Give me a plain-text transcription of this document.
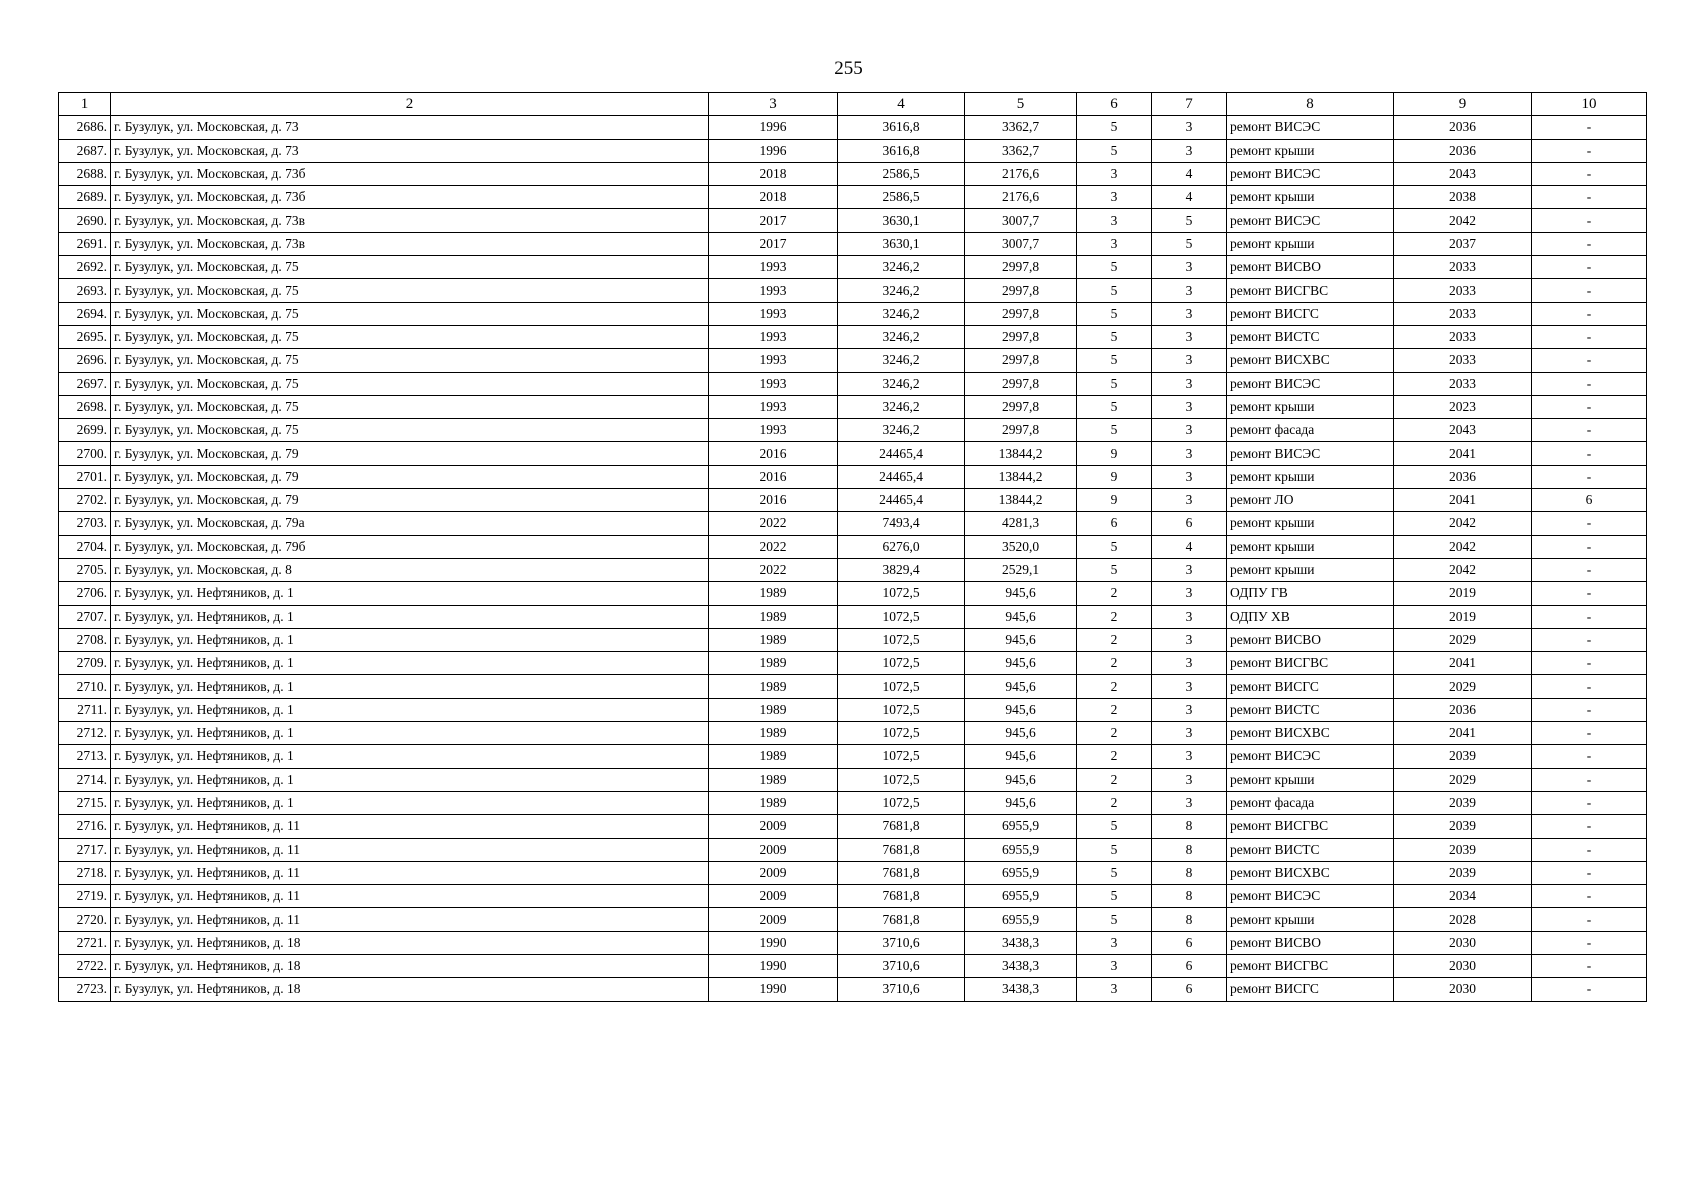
255
1	2	3	4	5	6	7	8	9	10
2686.	г. Бузулук, ул. Московская, д. 73	1996	3616,8	3362,7	5	3	ремонт ВИСЭС	2036	-
2687.	г. Бузулук, ул. Московская, д. 73	1996	3616,8	3362,7	5	3	ремонт крыши	2036	-
2688.	г. Бузулук, ул. Московская, д. 73б	2018	2586,5	2176,6	3	4	ремонт ВИСЭС	2043	-
2689.	г. Бузулук, ул. Московская, д. 73б	2018	2586,5	2176,6	3	4	ремонт крыши	2038	-
2690.	г. Бузулук, ул. Московская, д. 73в	2017	3630,1	3007,7	3	5	ремонт ВИСЭС	2042	-
2691.	г. Бузулук, ул. Московская, д. 73в	2017	3630,1	3007,7	3	5	ремонт крыши	2037	-
2692.	г. Бузулук, ул. Московская, д. 75	1993	3246,2	2997,8	5	3	ремонт ВИСВО	2033	-
2693.	г. Бузулук, ул. Московская, д. 75	1993	3246,2	2997,8	5	3	ремонт ВИСГВС	2033	-
2694.	г. Бузулук, ул. Московская, д. 75	1993	3246,2	2997,8	5	3	ремонт ВИСГС	2033	-
2695.	г. Бузулук, ул. Московская, д. 75	1993	3246,2	2997,8	5	3	ремонт ВИСТС	2033	-
2696.	г. Бузулук, ул. Московская, д. 75	1993	3246,2	2997,8	5	3	ремонт ВИСХВС	2033	-
2697.	г. Бузулук, ул. Московская, д. 75	1993	3246,2	2997,8	5	3	ремонт ВИСЭС	2033	-
2698.	г. Бузулук, ул. Московская, д. 75	1993	3246,2	2997,8	5	3	ремонт крыши	2023	-
2699.	г. Бузулук, ул. Московская, д. 75	1993	3246,2	2997,8	5	3	ремонт фасада	2043	-
2700.	г. Бузулук, ул. Московская, д. 79	2016	24465,4	13844,2	9	3	ремонт ВИСЭС	2041	-
2701.	г. Бузулук, ул. Московская, д. 79	2016	24465,4	13844,2	9	3	ремонт крыши	2036	-
2702.	г. Бузулук, ул. Московская, д. 79	2016	24465,4	13844,2	9	3	ремонт ЛО	2041	6
2703.	г. Бузулук, ул. Московская, д. 79а	2022	7493,4	4281,3	6	6	ремонт крыши	2042	-
2704.	г. Бузулук, ул. Московская, д. 79б	2022	6276,0	3520,0	5	4	ремонт крыши	2042	-
2705.	г. Бузулук, ул. Московская, д. 8	2022	3829,4	2529,1	5	3	ремонт крыши	2042	-
2706.	г. Бузулук, ул. Нефтяников, д. 1	1989	1072,5	945,6	2	3	ОДПУ ГВ	2019	-
2707.	г. Бузулук, ул. Нефтяников, д. 1	1989	1072,5	945,6	2	3	ОДПУ ХВ	2019	-
2708.	г. Бузулук, ул. Нефтяников, д. 1	1989	1072,5	945,6	2	3	ремонт ВИСВО	2029	-
2709.	г. Бузулук, ул. Нефтяников, д. 1	1989	1072,5	945,6	2	3	ремонт ВИСГВС	2041	-
2710.	г. Бузулук, ул. Нефтяников, д. 1	1989	1072,5	945,6	2	3	ремонт ВИСГС	2029	-
2711.	г. Бузулук, ул. Нефтяников, д. 1	1989	1072,5	945,6	2	3	ремонт ВИСТС	2036	-
2712.	г. Бузулук, ул. Нефтяников, д. 1	1989	1072,5	945,6	2	3	ремонт ВИСХВС	2041	-
2713.	г. Бузулук, ул. Нефтяников, д. 1	1989	1072,5	945,6	2	3	ремонт ВИСЭС	2039	-
2714.	г. Бузулук, ул. Нефтяников, д. 1	1989	1072,5	945,6	2	3	ремонт крыши	2029	-
2715.	г. Бузулук, ул. Нефтяников, д. 1	1989	1072,5	945,6	2	3	ремонт фасада	2039	-
2716.	г. Бузулук, ул. Нефтяников, д. 11	2009	7681,8	6955,9	5	8	ремонт ВИСГВС	2039	-
2717.	г. Бузулук, ул. Нефтяников, д. 11	2009	7681,8	6955,9	5	8	ремонт ВИСТС	2039	-
2718.	г. Бузулук, ул. Нефтяников, д. 11	2009	7681,8	6955,9	5	8	ремонт ВИСХВС	2039	-
2719.	г. Бузулук, ул. Нефтяников, д. 11	2009	7681,8	6955,9	5	8	ремонт ВИСЭС	2034	-
2720.	г. Бузулук, ул. Нефтяников, д. 11	2009	7681,8	6955,9	5	8	ремонт крыши	2028	-
2721.	г. Бузулук, ул. Нефтяников, д. 18	1990	3710,6	3438,3	3	6	ремонт ВИСВО	2030	-
2722.	г. Бузулук, ул. Нефтяников, д. 18	1990	3710,6	3438,3	3	6	ремонт ВИСГВС	2030	-
2723.	г. Бузулук, ул. Нефтяников, д. 18	1990	3710,6	3438,3	3	6	ремонт ВИСГС	2030	-
